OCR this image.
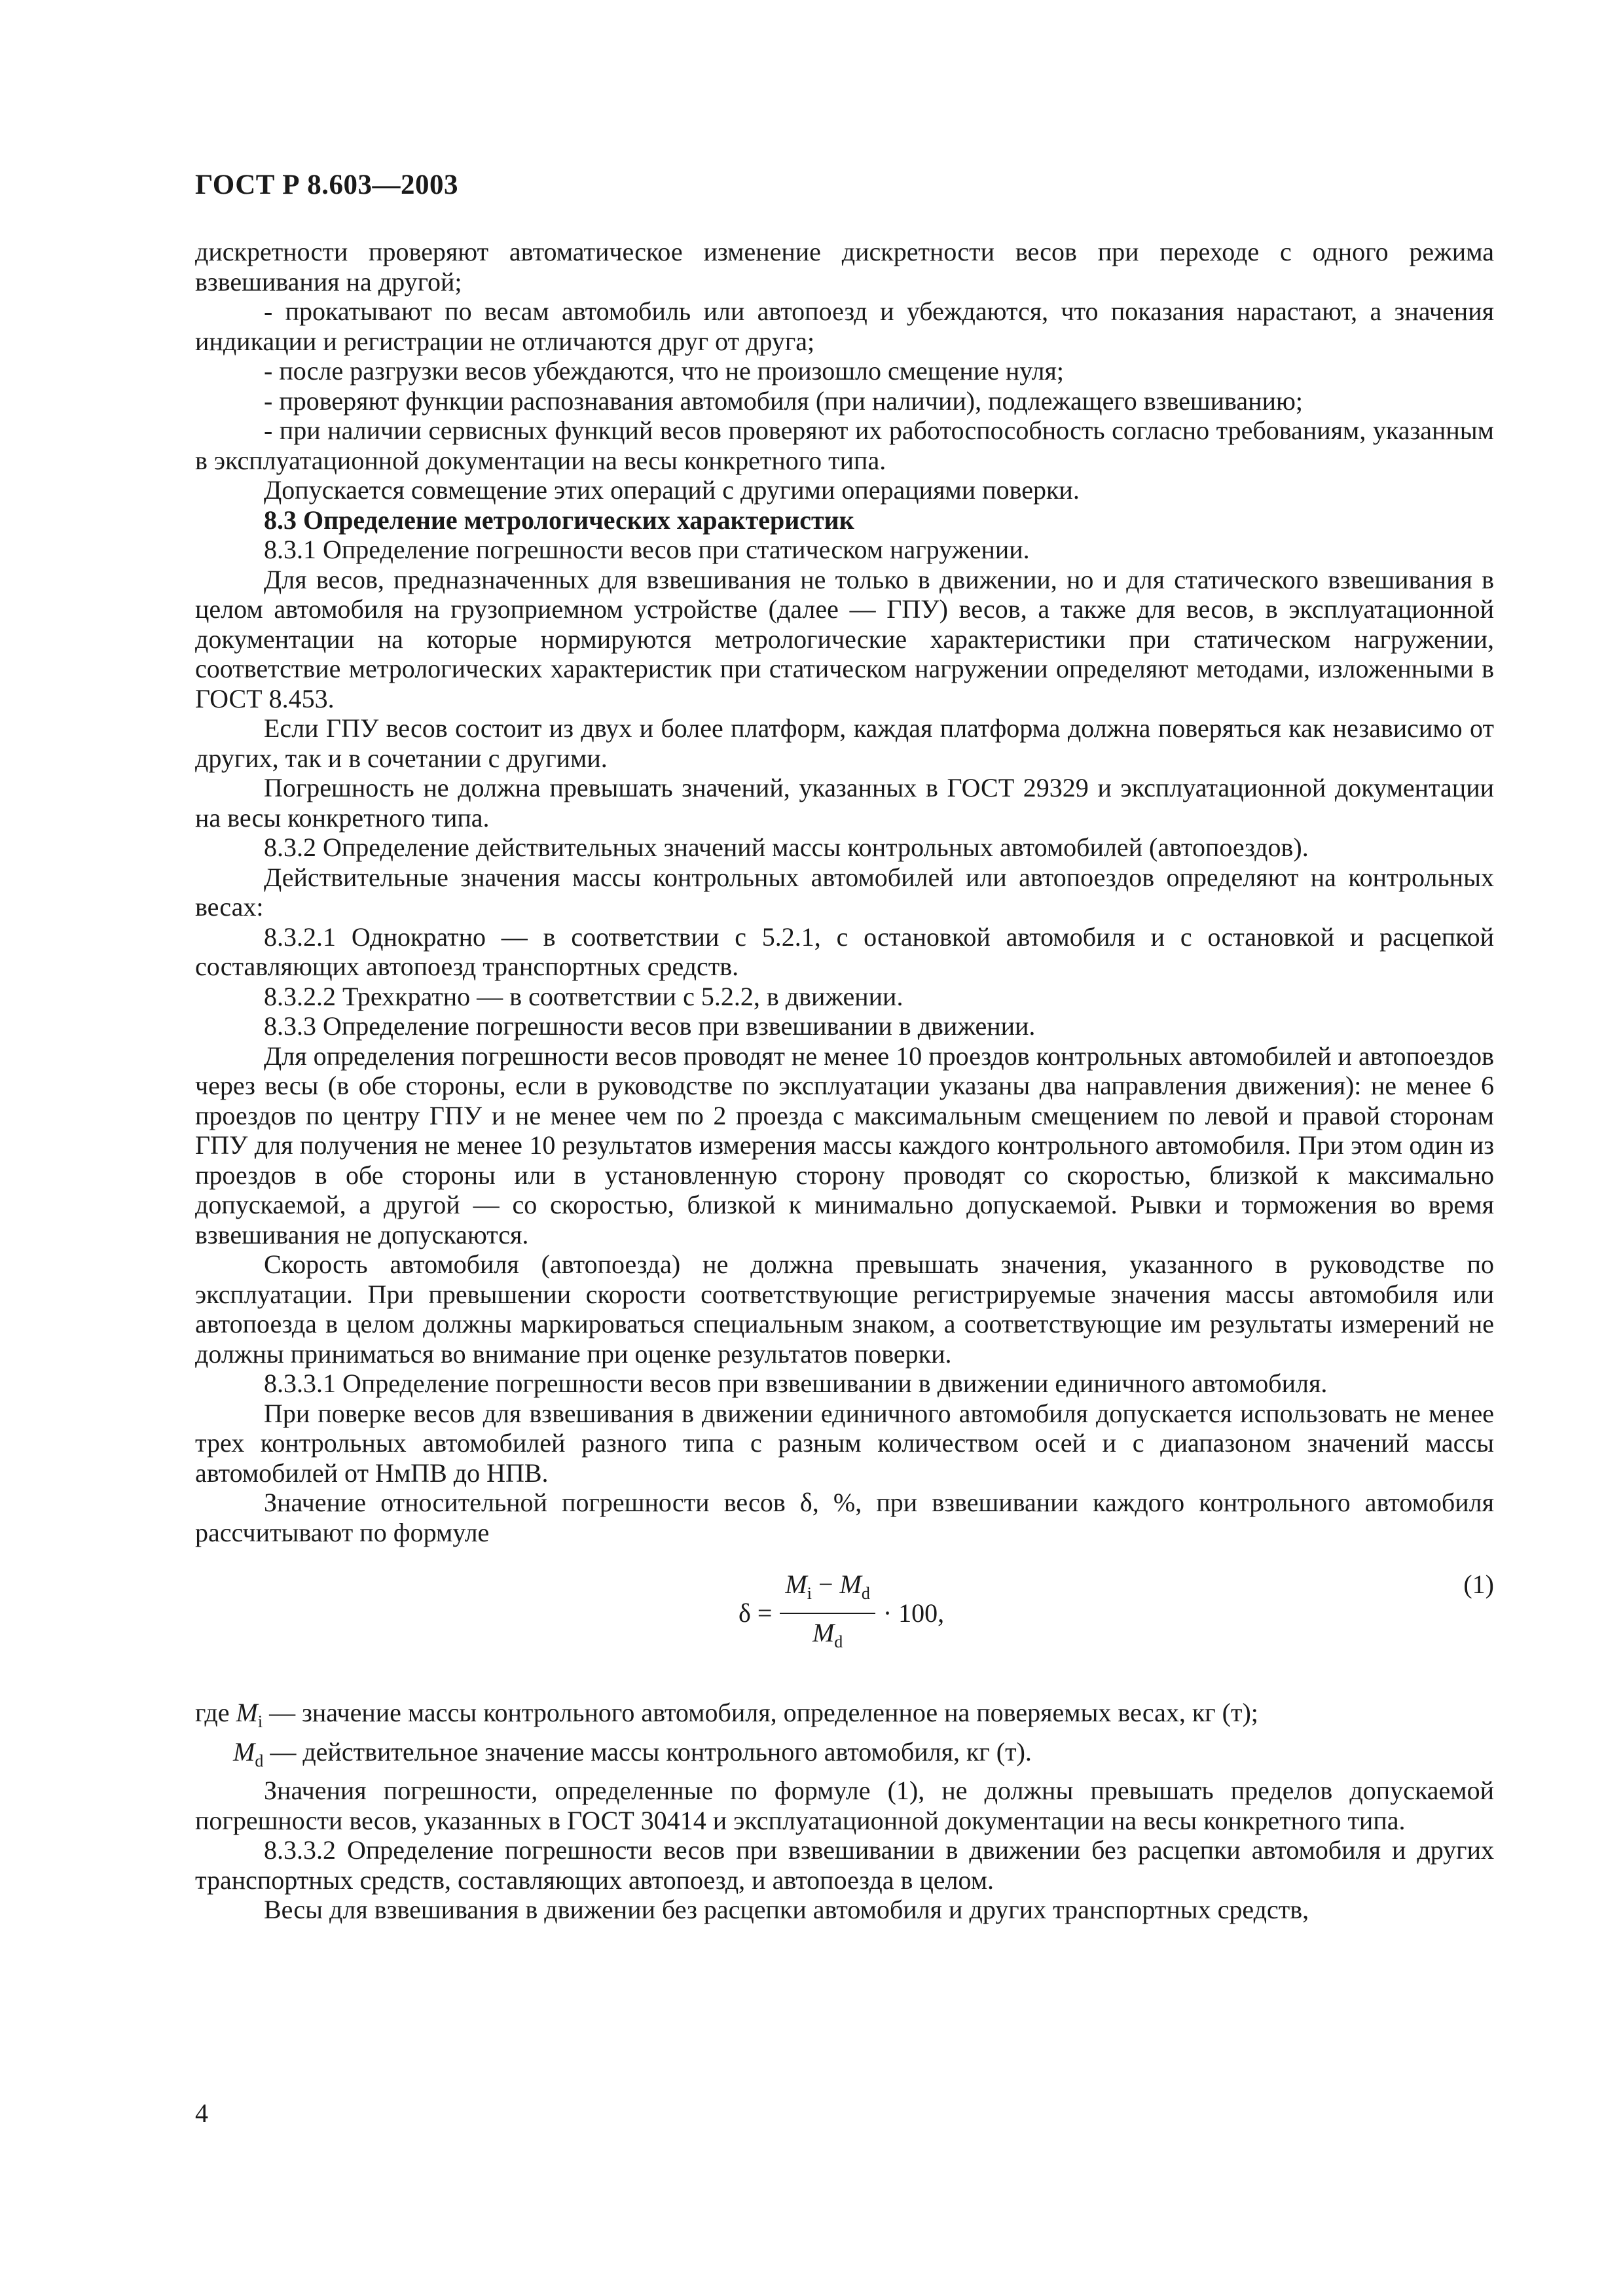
ГОСТ Р 8.603—2003

дискретности проверяют автоматическое изменение дискретности весов при переходе с одного режима взвешивания на другой;

- прокатывают по весам автомобиль или автопоезд и убеждаются, что показания нарастают, а значения индикации и регистрации не отличаются друг от друга;

- после разгрузки весов убеждаются, что не произошло смещение нуля;

- проверяют функции распознавания автомобиля (при наличии), подлежащего взвешиванию;

- при наличии сервисных функций весов проверяют их работоспособность согласно требованиям, указанным в эксплуатационной документации на весы конкретного типа.

Допускается совмещение этих операций с другими операциями поверки.

8.3 Определение метрологических характеристик

8.3.1 Определение погрешности весов при статическом нагружении.

Для весов, предназначенных для взвешивания не только в движении, но и для статического взвешивания в целом автомобиля на грузоприемном устройстве (далее — ГПУ) весов, а также для весов, в эксплуатационной документации на которые нормируются метрологические характеристики при статическом нагружении, соответствие метрологических характеристик при статическом нагружении определяют методами, изложенными в ГОСТ 8.453.

Если ГПУ весов состоит из двух и более платформ, каждая платформа должна поверяться как независимо от других, так и в сочетании с другими.

Погрешность не должна превышать значений, указанных в ГОСТ 29329 и эксплуатационной документации на весы конкретного типа.

8.3.2 Определение действительных значений массы контрольных автомобилей (автопоездов).

Действительные значения массы контрольных автомобилей или автопоездов определяют на контрольных весах:

8.3.2.1 Однократно — в соответствии с 5.2.1, с остановкой автомобиля и с остановкой и расцепкой составляющих автопоезд транспортных средств.

8.3.2.2 Трехкратно — в соответствии с 5.2.2, в движении.

8.3.3 Определение погрешности весов при взвешивании в движении.

Для определения погрешности весов проводят не менее 10 проездов контрольных автомобилей и автопоездов через весы (в обе стороны, если в руководстве по эксплуатации указаны два направления движения): не менее 6 проездов по центру ГПУ и не менее чем по 2 проезда с максимальным смещением по левой и правой сторонам ГПУ для получения не менее 10 результатов измерения массы каждого контрольного автомобиля. При этом один из проездов в обе стороны или в установленную сторону проводят со скоростью, близкой к максимально допускаемой, а другой — со скоростью, близкой к минимально допускаемой. Рывки и торможения во время взвешивания не допускаются.

Скорость автомобиля (автопоезда) не должна превышать значения, указанного в руководстве по эксплуатации. При превышении скорости соответствующие регистрируемые значения массы автомобиля или автопоезда в целом должны маркироваться специальным знаком, а соответствующие им результаты измерений не должны приниматься во внимание при оценке результатов поверки.

8.3.3.1 Определение погрешности весов при взвешивании в движении единичного автомобиля.

При поверке весов для взвешивания в движении единичного автомобиля допускается использовать не менее трех контрольных автомобилей разного типа с разным количеством осей и с диапазоном значений массы автомобилей от НмПВ до НПВ.

Значение относительной погрешности весов δ, %, при взвешивании каждого контрольного автомобиля рассчитывают по формуле

$\delta = \frac{M_i - M_d}{M_d} \cdot 100$,
(1)

где $M_i$ — значение массы контрольного автомобиля, определенное на поверяемых весах, кг (т);

$M_d$ — действительное значение массы контрольного автомобиля, кг (т).

Значения погрешности, определенные по формуле (1), не должны превышать пределов допускаемой погрешности весов, указанных в ГОСТ 30414 и эксплуатационной документации на весы конкретного типа.

8.3.3.2 Определение погрешности весов при взвешивании в движении без расцепки автомобиля и других транспортных средств, составляющих автопоезд, и автопоезда в целом.

Весы для взвешивания в движении без расцепки автомобиля и других транспортных средств,

4
